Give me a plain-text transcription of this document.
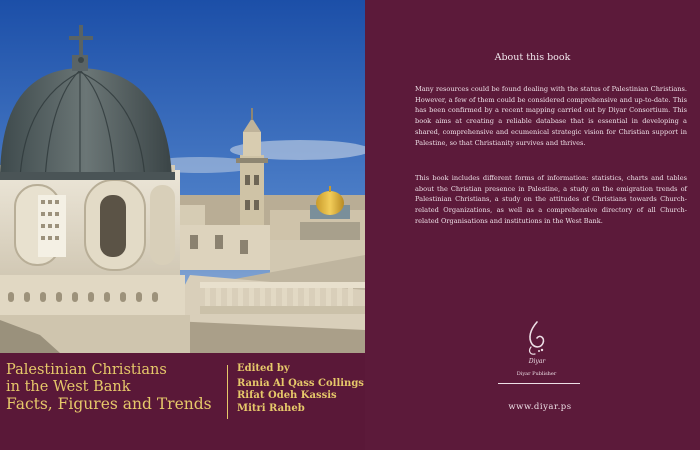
Palestinian Christians
in the West Bank
Facts, Figures and Trends
Edited by
Rania Al Qass Collings
Rifat Odeh Kassis
Mitri Raheb
About this book
Many resources could be found dealing with the status of Palestinian Christians. However, a few of them could be considered comprehensive and up-to-date. This has been confirmed by a recent mapping carried out by Diyar Consortium. This book aims at creating a reliable database that is essential in developing a shared, comprehensive and ecumenical strategic vision for Christian support in Palestine, so that Christianity survives and thrives.
This book includes different forms of information: statistics, charts and tables about the Christian presence in Palestine, a study on the emigration trends of Palestinian Christians, a study on the attitudes of Christians towards Church-related Organizations, as well as a comprehensive directory of all Church-related Organisations and institutions in the West Bank.
Diyar
Diyar Publisher
www.diyar.ps
